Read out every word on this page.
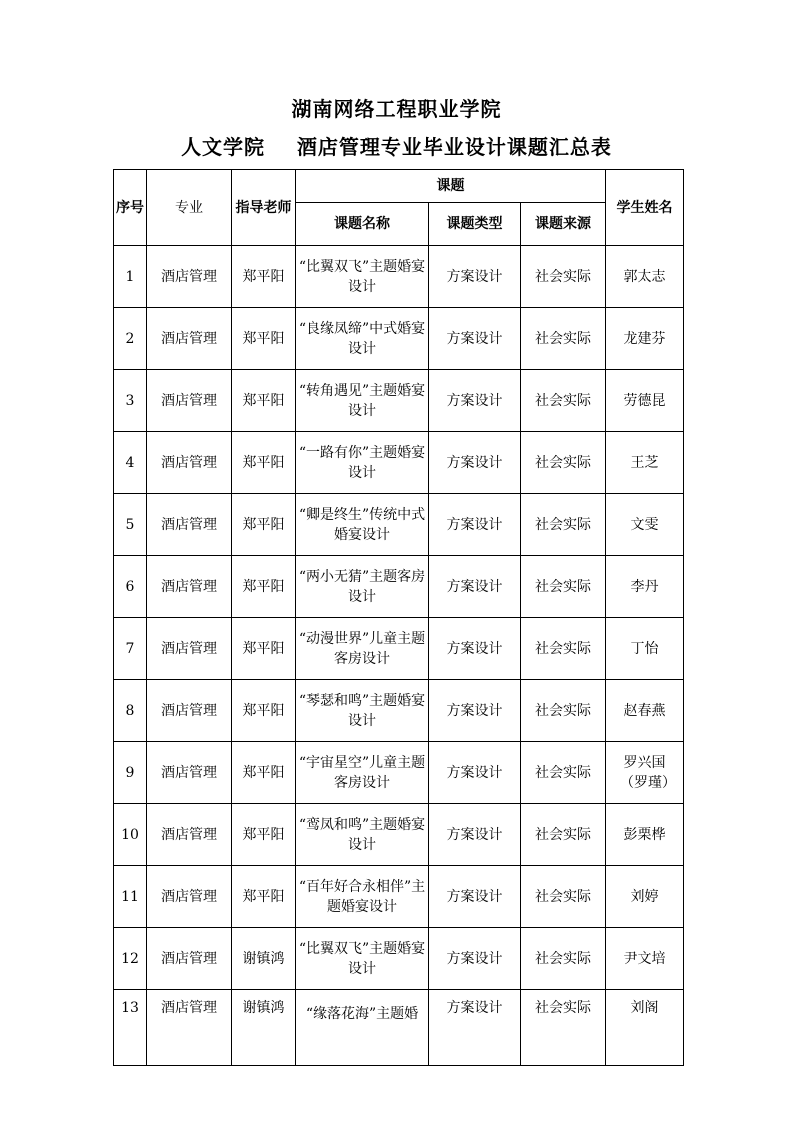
湖南网络工程职业学院
人文学院    酒店管理专业毕业设计课题汇总表
序号	专业	指导老师	课题			学生姓名
			课题名称	课题类型	课题来源	
1	酒店管理	郑平阳	“比翼双飞”主题婚宴设计	方案设计	社会实际	郭太志
2	酒店管理	郑平阳	“良缘凤缔”中式婚宴设计	方案设计	社会实际	龙建芬
3	酒店管理	郑平阳	“转角遇见”主题婚宴设计	方案设计	社会实际	劳德昆
4	酒店管理	郑平阳	“一路有你”主题婚宴设计	方案设计	社会实际	王芝
5	酒店管理	郑平阳	“卿是终生”传统中式婚宴设计	方案设计	社会实际	文雯
6	酒店管理	郑平阳	“两小无猜”主题客房设计	方案设计	社会实际	李丹
7	酒店管理	郑平阳	“动漫世界”儿童主题客房设计	方案设计	社会实际	丁怡
8	酒店管理	郑平阳	“琴瑟和鸣”主题婚宴设计	方案设计	社会实际	赵春燕
9	酒店管理	郑平阳	“宇宙星空”儿童主题客房设计	方案设计	社会实际	罗兴国（罗瑾）
10	酒店管理	郑平阳	“鸾凤和鸣”主题婚宴设计	方案设计	社会实际	彭栗桦
11	酒店管理	郑平阳	“百年好合永相伴”主题婚宴设计	方案设计	社会实际	刘婷
12	酒店管理	谢镇鸿	“比翼双飞”主题婚宴设计	方案设计	社会实际	尹文培
13	酒店管理	谢镇鸿	“缘落花海”主题婚	方案设计	社会实际	刘阁
